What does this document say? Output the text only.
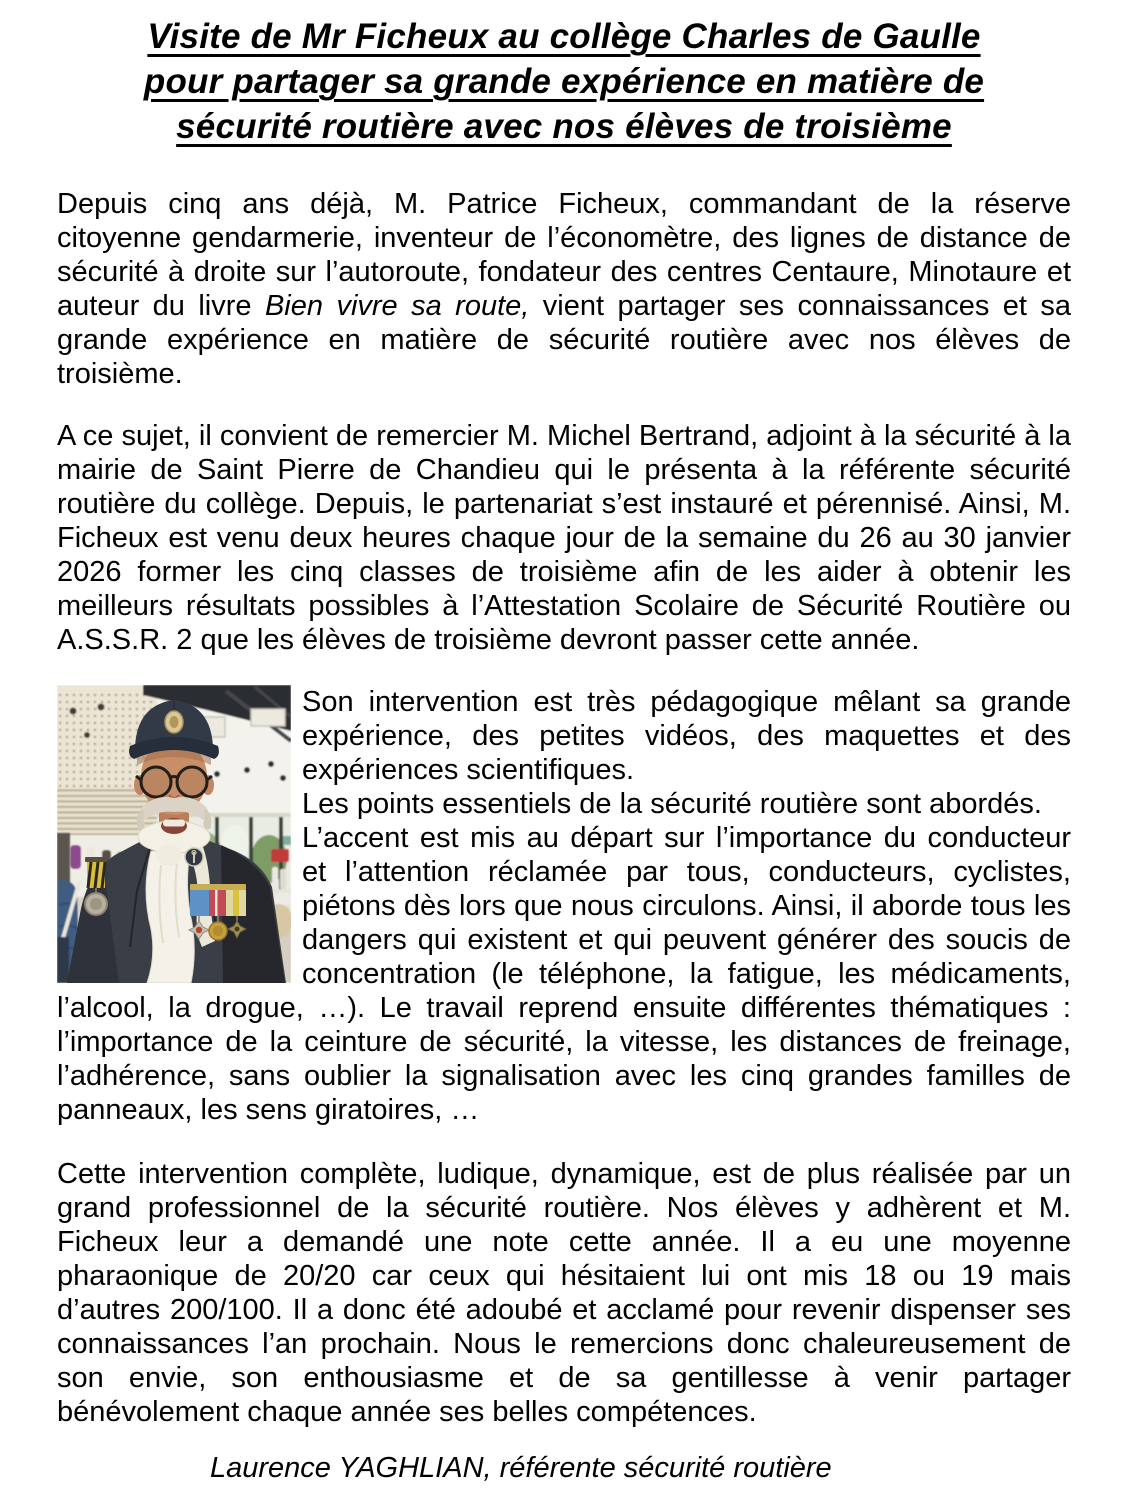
Visite de Mr Ficheux au collège Charles de Gaulle
pour partager sa grande expérience en matière de
sécurité routière avec nos élèves de troisième

Depuis cinq ans déjà, M. Patrice Ficheux, commandant de la réserve citoyenne gendarmerie, inventeur de l’économètre, des lignes de distance de sécurité à droite sur l’autoroute, fondateur des centres Centaure, Minotaure et auteur du livre Bien vivre sa route, vient partager ses connaissances et sa grande expérience en matière de sécurité routière avec nos élèves de troisième.

A ce sujet, il convient de remercier M. Michel Bertrand, adjoint à la sécurité à la mairie de Saint Pierre de Chandieu qui le présenta à la référente sécurité routière du collège. Depuis, le partenariat s’est instauré et pérennisé. Ainsi, M. Ficheux est venu deux heures chaque jour de la semaine du 26 au 30 janvier 2026 former les cinq classes de troisième afin de les aider à obtenir les meilleurs résultats possibles à l’Attestation Scolaire de Sécurité Routière ou A.S.S.R. 2 que les élèves de troisième devront passer cette année.

Son intervention est très pédagogique mêlant sa grande expérience, des petites vidéos, des maquettes et des expériences scientifiques.
Les points essentiels de la sécurité routière sont abordés.
L’accent est mis au départ sur l’importance du conducteur et l’attention réclamée par tous, conducteurs, cyclistes, piétons dès lors que nous circulons. Ainsi, il aborde tous les dangers qui existent et qui peuvent générer des soucis de concentration (le téléphone, la fatigue, les médicaments, l’alcool, la drogue, …). Le travail reprend ensuite différentes thématiques : l’importance de la ceinture de sécurité, la vitesse, les distances de freinage, l’adhérence, sans oublier la signalisation avec les cinq grandes familles de panneaux, les sens giratoires, …

Cette intervention complète, ludique, dynamique, est de plus réalisée par un grand professionnel de la sécurité routière. Nos élèves y adhèrent et M. Ficheux leur a demandé une note cette année. Il a eu une moyenne pharaonique de 20/20 car ceux qui hésitaient lui ont mis 18 ou 19 mais d’autres 200/100. Il a donc été adoubé et acclamé pour revenir dispenser ses connaissances l’an prochain. Nous le remercions donc chaleureusement de son envie, son enthousiasme et de sa gentillesse à venir partager bénévolement chaque année ses belles compétences.

Laurence YAGHLIAN, référente sécurité routière
